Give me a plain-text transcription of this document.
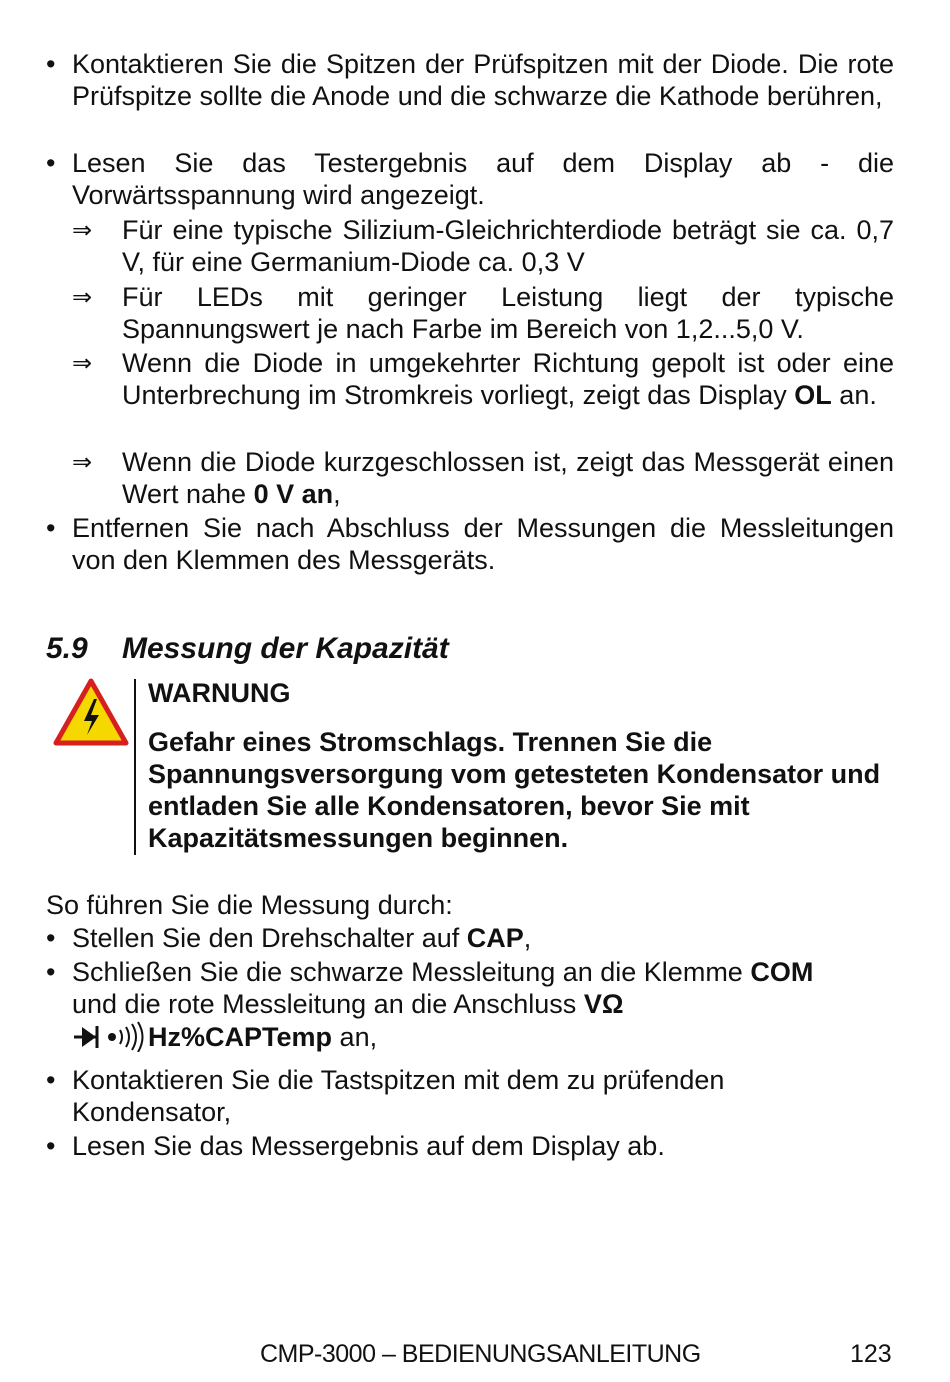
• Kontaktieren Sie die Spitzen der Prüfspitzen mit der Diode. Die rote Prüfspitze sollte die Anode und die schwarze die Kathode berühren,
• Lesen Sie das Testergebnis auf dem Display ab - die Vorwärtsspannung wird angezeigt.
⇒	Für eine typische Silizium-Gleichrichterdiode beträgt sie ca. 0,7 V, für eine Germanium-Diode ca. 0,3 V
⇒	Für LEDs mit geringer Leistung liegt der typische Spannungswert je nach Farbe im Bereich von 1,2...5,0 V.
⇒	Wenn die Diode in umgekehrter Richtung gepolt ist oder eine Unterbrechung im Stromkreis vorliegt, zeigt das Display OL an.
⇒	Wenn die Diode kurzgeschlossen ist, zeigt das Messgerät einen Wert nahe 0 V an,
• Entfernen Sie nach Abschluss der Messungen die Messleitungen von den Klemmen des Messgeräts.
5.9 Messung der Kapazität
WARNUNG
Gefahr eines Stromschlags. Trennen Sie die Spannungsversorgung vom getesteten Kondensator und entladen Sie alle Kondensatoren, bevor Sie mit Kapazitätsmessungen beginnen.
So führen Sie die Messung durch:
• Stellen Sie den Drehschalter auf CAP,
• Schließen Sie die schwarze Messleitung an die Klemme COM
und die rote Messleitung an die Anschluss VΩ
Hz%CAPTemp an,
• Kontaktieren Sie die Tastspitzen mit dem zu prüfenden Kondensator,
• Lesen Sie das Messergebnis auf dem Display ab.
CMP-3000 – BEDIENUNGSANLEITUNG	123
